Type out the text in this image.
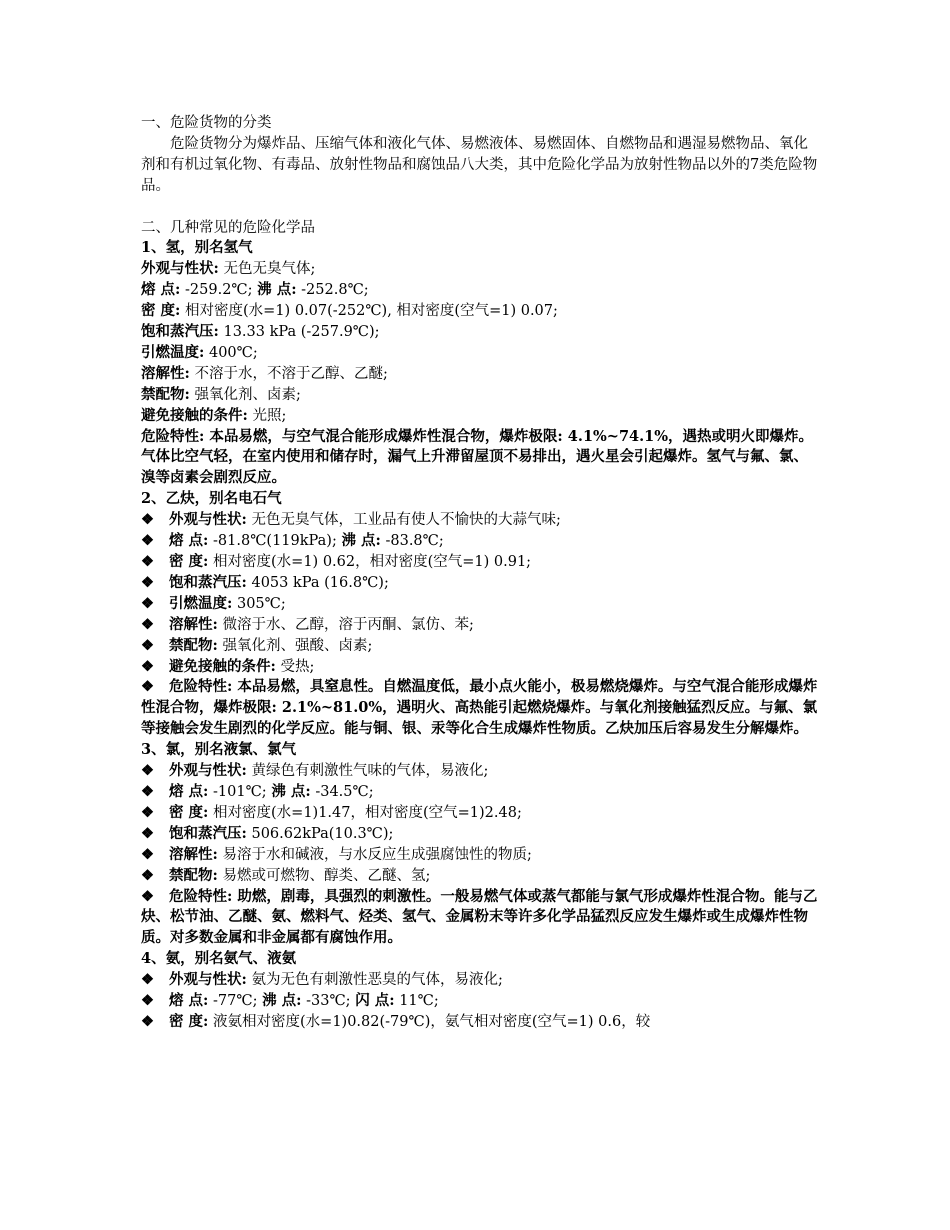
一、危险货物的分类

危险货物分为爆炸品、压缩气体和液化气体、易燃液体、易燃固体、自燃物品和遇湿易燃物品、氧化剂和有机过氧化物、有毒品、放射性物品和腐蚀品八大类，其中危险化学品为放射性物品以外的7类危险物品。

二、几种常见的危险化学品

1、氢，别名氢气

外观与性状: 无色无臭气体;

熔 点: -259.2℃; 沸 点: -252.8℃;

密 度: 相对密度(水=1) 0.07(-252℃), 相对密度(空气=1) 0.07;

饱和蒸汽压: 13.33 kPa (-257.9℃);

引燃温度: 400℃;

溶解性: 不溶于水，不溶于乙醇、乙醚;

禁配物: 强氧化剂、卤素;

避免接触的条件: 光照;

危险特性: 本品易燃，与空气混合能形成爆炸性混合物，爆炸极限: 4.1%~74.1%，遇热或明火即爆炸。气体比空气轻，在室内使用和储存时，漏气上升滞留屋顶不易排出，遇火星会引起爆炸。氢气与氟、氯、溴等卤素会剧烈反应。

2、乙炔，别名电石气

❖ 外观与性状: 无色无臭气体，工业品有使人不愉快的大蒜气味;

❖ 熔 点: -81.8℃(119kPa); 沸 点: -83.8℃;

❖ 密 度: 相对密度(水=1) 0.62，相对密度(空气=1) 0.91;

❖ 饱和蒸汽压: 4053 kPa (16.8℃);

❖ 引燃温度: 305℃;

❖ 溶解性: 微溶于水、乙醇，溶于丙酮、氯仿、苯;

❖ 禁配物: 强氧化剂、强酸、卤素;

❖ 避免接触的条件: 受热;

❖ 危险特性: 本品易燃，具窒息性。自燃温度低，最小点火能小，极易燃烧爆炸。与空气混合能形成爆炸性混合物，爆炸极限: 2.1%~81.0%，遇明火、高热能引起燃烧爆炸。与氧化剂接触猛烈反应。与氟、氯等接触会发生剧烈的化学反应。能与铜、银、汞等化合生成爆炸性物质。乙炔加压后容易发生分解爆炸。

3、氯，别名液氯、氯气

❖ 外观与性状: 黄绿色有刺激性气味的气体，易液化;

❖ 熔 点: -101℃; 沸 点: -34.5℃;

❖ 密 度: 相对密度(水=1)1.47，相对密度(空气=1)2.48;

❖ 饱和蒸汽压: 506.62kPa(10.3℃);

❖ 溶解性: 易溶于水和碱液，与水反应生成强腐蚀性的物质;

❖ 禁配物: 易燃或可燃物、醇类、乙醚、氢;

❖ 危险特性: 助燃，剧毒，具强烈的刺激性。一般易燃气体或蒸气都能与氯气形成爆炸性混合物。能与乙炔、松节油、乙醚、氨、燃料气、烃类、氢气、金属粉末等许多化学品猛烈反应发生爆炸或生成爆炸性物质。对多数金属和非金属都有腐蚀作用。

4、氨，别名氨气、液氨

❖ 外观与性状: 氨为无色有刺激性恶臭的气体，易液化;

❖ 熔 点: -77℃; 沸 点: -33℃; 闪 点: 11℃;

❖ 密 度: 液氨相对密度(水=1)0.82(-79℃)，氨气相对密度(空气=1) 0.6，较
